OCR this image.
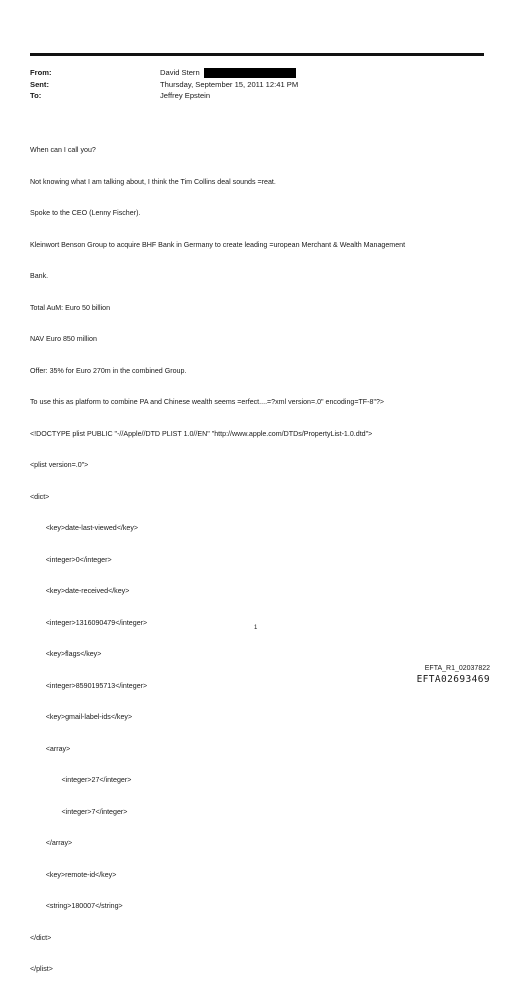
From:	David Stern
Sent:	Thursday, September 15, 2011 12:41 PM
To:	Jeffrey Epstein

When can I call you?

Not knowing what I am talking about, I think the Tim Collins deal sounds =reat.

Spoke to the CEO (Lenny Fischer).

Kleinwort Benson Group to acquire BHF Bank in Germany to create leading =uropean Merchant & Wealth Management

Bank.

Total AuM: Euro 50 billion

NAV Euro 850 million

Offer: 35% for Euro 270m in the combined Group.

To use this as platform to combine PA and Chinese wealth seems =erfect....=?xml version=.0" encoding=TF-8"?>

<!DOCTYPE plist PUBLIC "-//Apple//DTD PLIST 1.0//EN" "http://www.apple.com/DTDs/PropertyList-1.0.dtd">

<plist version=.0">

<dict>

<key>date-last-viewed</key>

<integer>0</integer>

<key>date-received</key>

<integer>1316090479</integer>

<key>flags</key>

<integer>8590195713</integer>

<key>gmail-label-ids</key>

<array>

<integer>27</integer>

<integer>7</integer>

</array>

<key>remote-id</key>

<string>180007</string>

</dict>

</plist>

1
EFTA_R1_02037822
EFTA02693469
